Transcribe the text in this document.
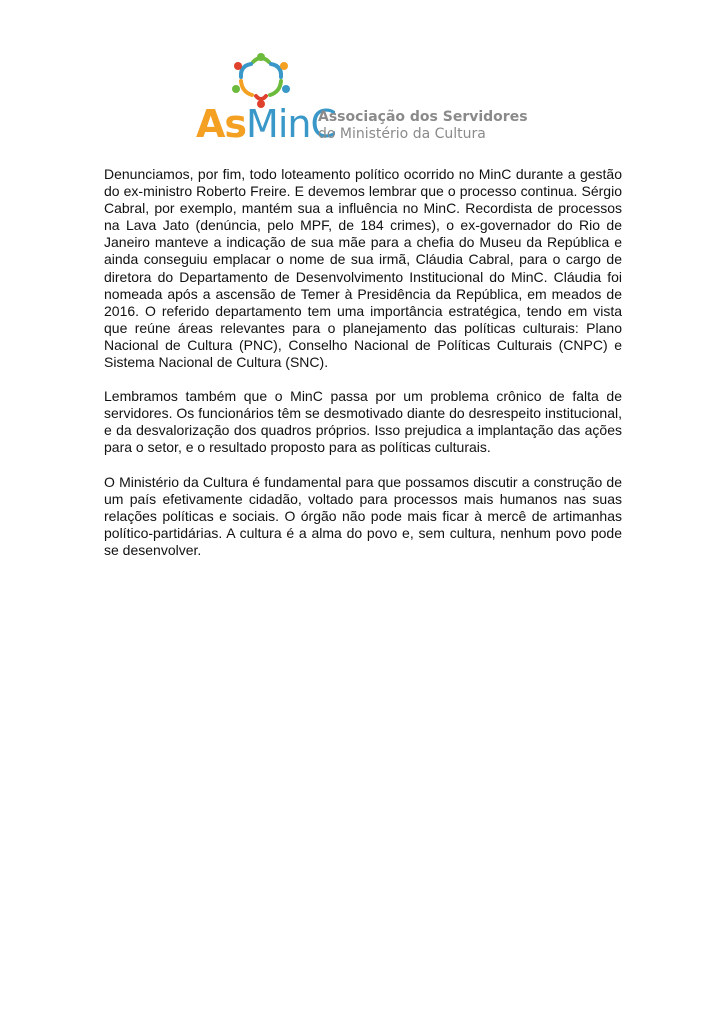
AsMinC
Associação dos Servidores
do Ministério da Cultura

Denunciamos, por fim, todo loteamento político ocorrido no MinC durante a gestão do ex-ministro Roberto Freire. E devemos lembrar que o processo continua. Sérgio Cabral, por exemplo, mantém sua a influência no MinC. Recordista de processos na Lava Jato (denúncia, pelo MPF, de 184 crimes), o ex-governador do Rio de Janeiro manteve a indicação de sua mãe para a chefia do Museu da República e ainda conseguiu emplacar o nome de sua irmã, Cláudia Cabral, para o cargo de diretora do Departamento de Desenvolvimento Institucional do MinC. Cláudia foi nomeada após a ascensão de Temer à Presidência da República, em meados de 2016. O referido departamento tem uma importância estratégica, tendo em vista que reúne áreas relevantes para o planejamento das políticas culturais: Plano Nacional de Cultura (PNC), Conselho Nacional de Políticas Culturais (CNPC) e Sistema Nacional de Cultura (SNC).

Lembramos também que o MinC passa por um problema crônico de falta de servidores. Os funcionários têm se desmotivado diante do desrespeito institucional, e da desvalorização dos quadros próprios. Isso prejudica a implantação das ações para o setor, e o resultado proposto para as políticas culturais.

O Ministério da Cultura é fundamental para que possamos discutir a construção de um país efetivamente cidadão, voltado para processos mais humanos nas suas relações políticas e sociais. O órgão não pode mais ficar à mercê de artimanhas político-partidárias. A cultura é a alma do povo e, sem cultura, nenhum povo pode se desenvolver.
